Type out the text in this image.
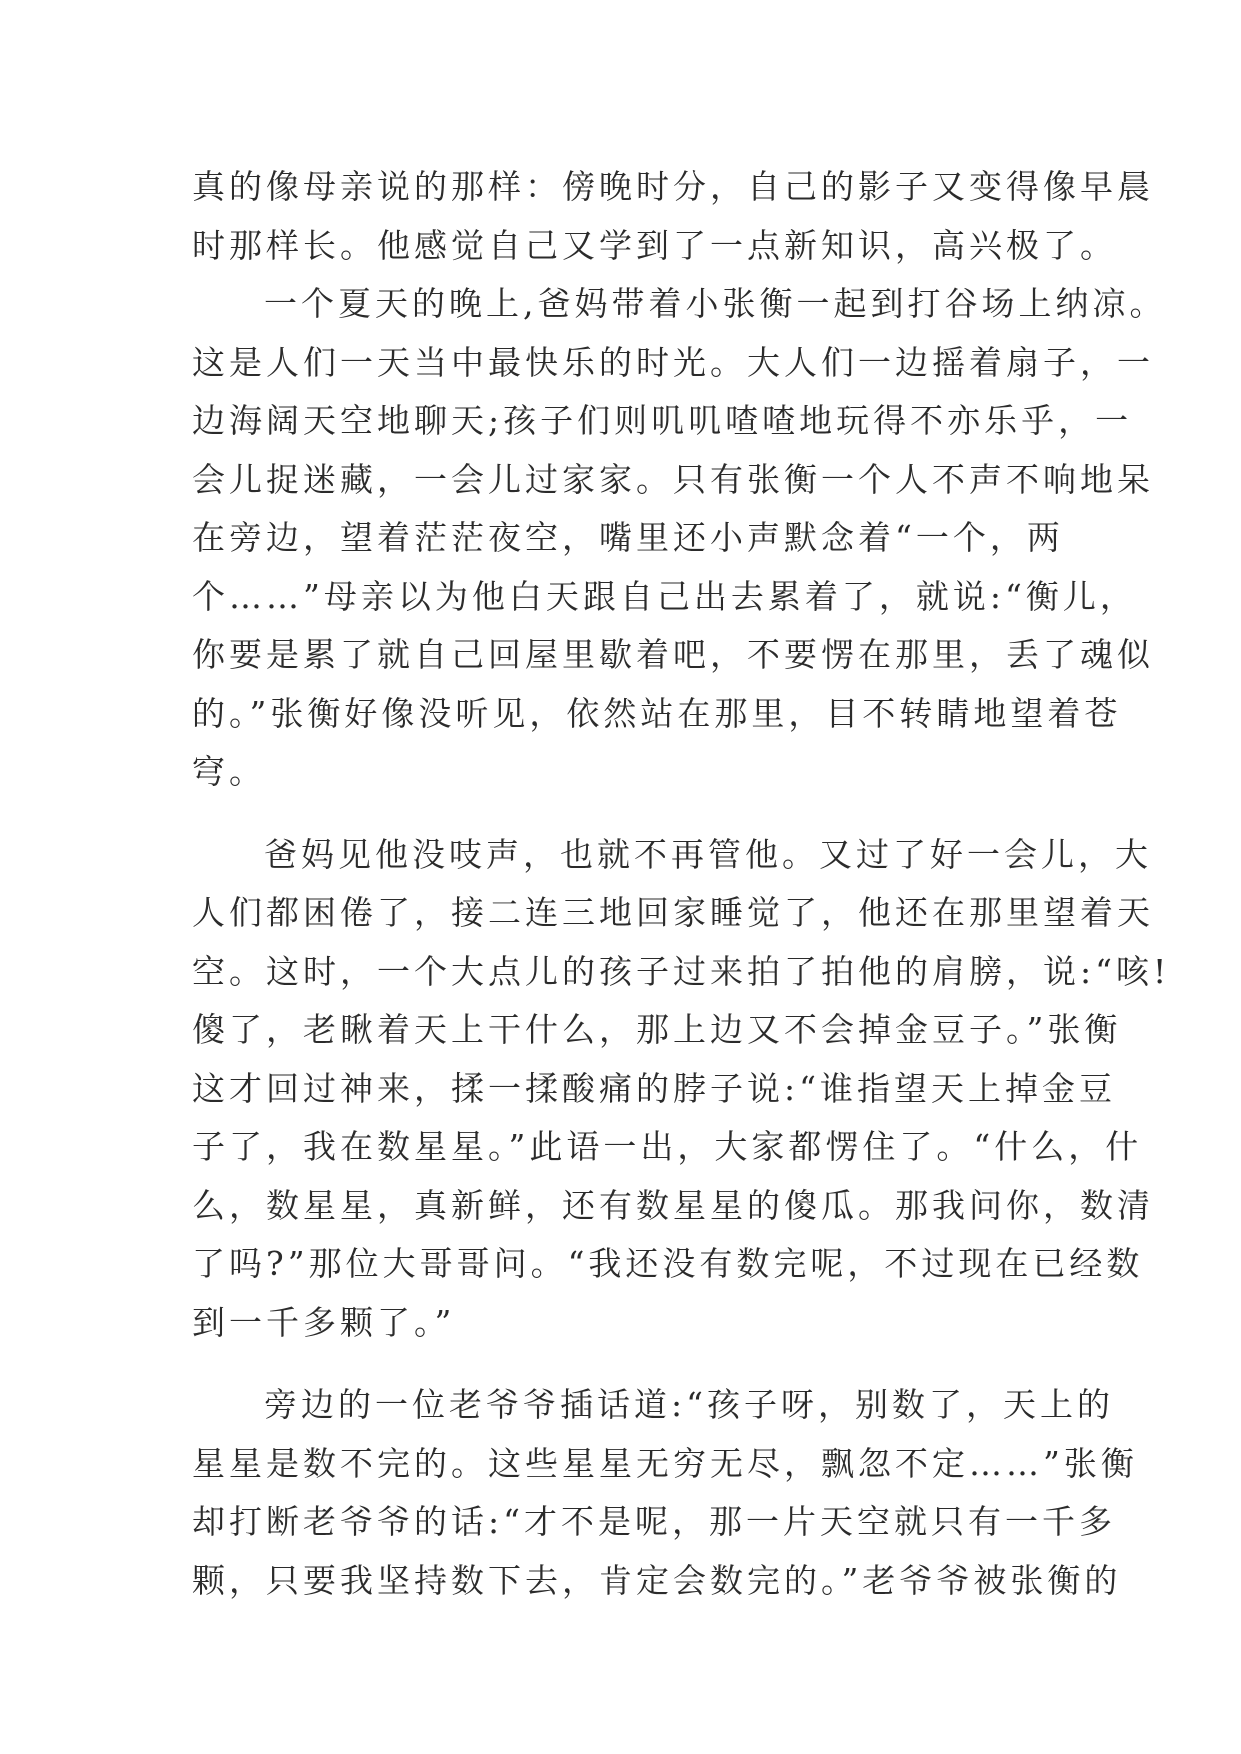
真的像母亲说的那样：傍晚时分，自己的影子又变得像早晨
时那样长。他感觉自己又学到了一点新知识，高兴极了。
一个夏天的晚上,爸妈带着小张衡一起到打谷场上纳凉。
这是人们一天当中最快乐的时光。大人们一边摇着扇子，一
边海阔天空地聊天;孩子们则叽叽喳喳地玩得不亦乐乎，一
会儿捉迷藏，一会儿过家家。只有张衡一个人不声不响地呆
在旁边，望着茫茫夜空，嘴里还小声默念着“一个，两
个……”母亲以为他白天跟自己出去累着了，就说:“衡儿，
你要是累了就自己回屋里歇着吧，不要愣在那里，丢了魂似
的。”张衡好像没听见，依然站在那里，目不转睛地望着苍
穹。
爸妈见他没吱声，也就不再管他。又过了好一会儿，大
人们都困倦了，接二连三地回家睡觉了，他还在那里望着天
空。这时，一个大点儿的孩子过来拍了拍他的肩膀，说:“咳!
傻了，老瞅着天上干什么，那上边又不会掉金豆子。”张衡
这才回过神来，揉一揉酸痛的脖子说:“谁指望天上掉金豆
子了，我在数星星。”此语一出，大家都愣住了。“什么，什
么，数星星，真新鲜，还有数星星的傻瓜。那我问你，数清
了吗?”那位大哥哥问。“我还没有数完呢，不过现在已经数
到一千多颗了。”
旁边的一位老爷爷插话道:“孩子呀，别数了，天上的
星星是数不完的。这些星星无穷无尽，飘忽不定……”张衡
却打断老爷爷的话:“才不是呢，那一片天空就只有一千多
颗，只要我坚持数下去，肯定会数完的。”老爷爷被张衡的
